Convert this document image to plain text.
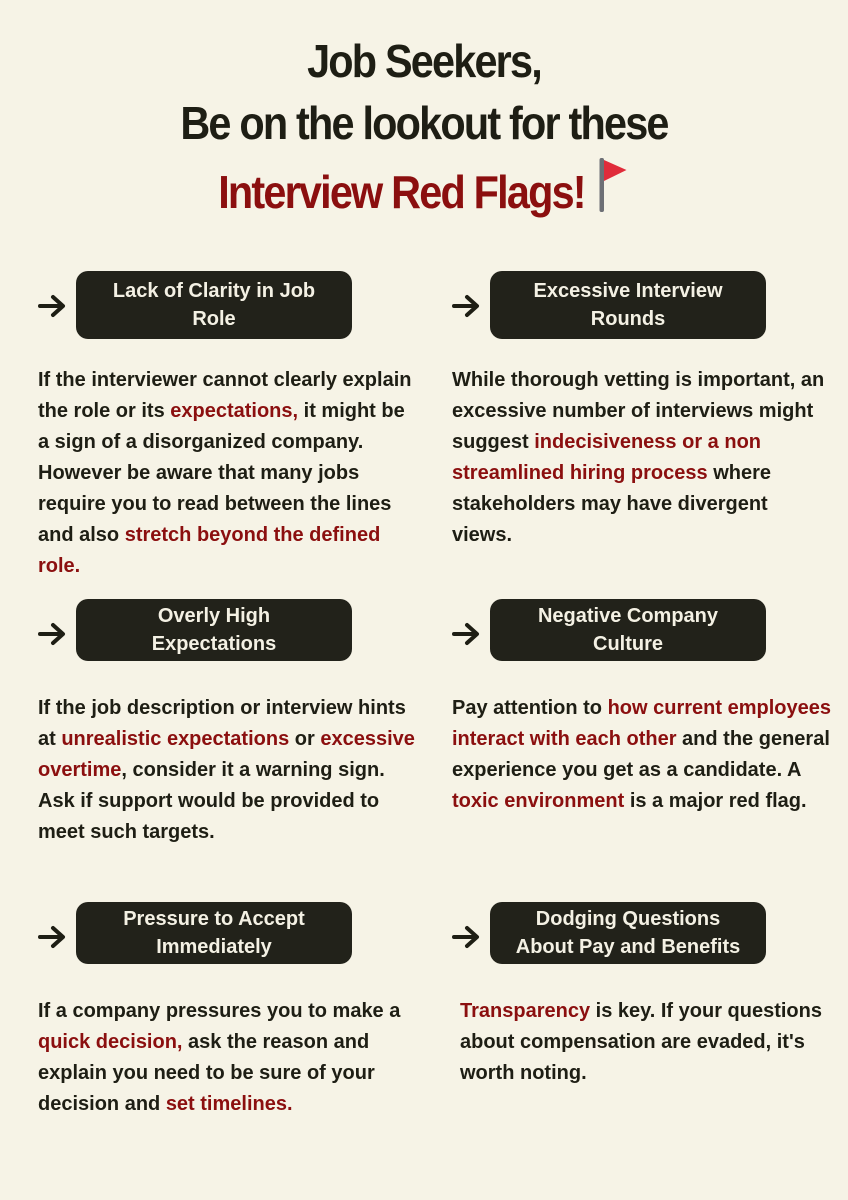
Job Seekers,
Be on the lookout for these
Interview Red Flags!
Lack of Clarity in Job Role
If the interviewer cannot clearly explain the role or its expectations, it might be a sign of a disorganized company. However be aware that many jobs require you to read between the lines and also stretch beyond the defined role.
Excessive Interview Rounds
While thorough vetting is important, an excessive number of interviews might suggest indecisiveness or a non streamlined hiring process where stakeholders may have divergent views.
Overly High Expectations
If the job description or interview hints at unrealistic expectations or excessive overtime, consider it a warning sign. Ask if support would be provided to meet such targets.
Negative Company Culture
Pay attention to how current employees interact with each other and the general experience you get as a candidate. A toxic environment is a major red flag.
Pressure to Accept Immediately
If a company pressures you to make a quick decision, ask the reason and explain you need to be sure of your decision and set timelines.
Dodging Questions About Pay and Benefits
Transparency is key. If your questions about compensation are evaded, it's worth noting.
